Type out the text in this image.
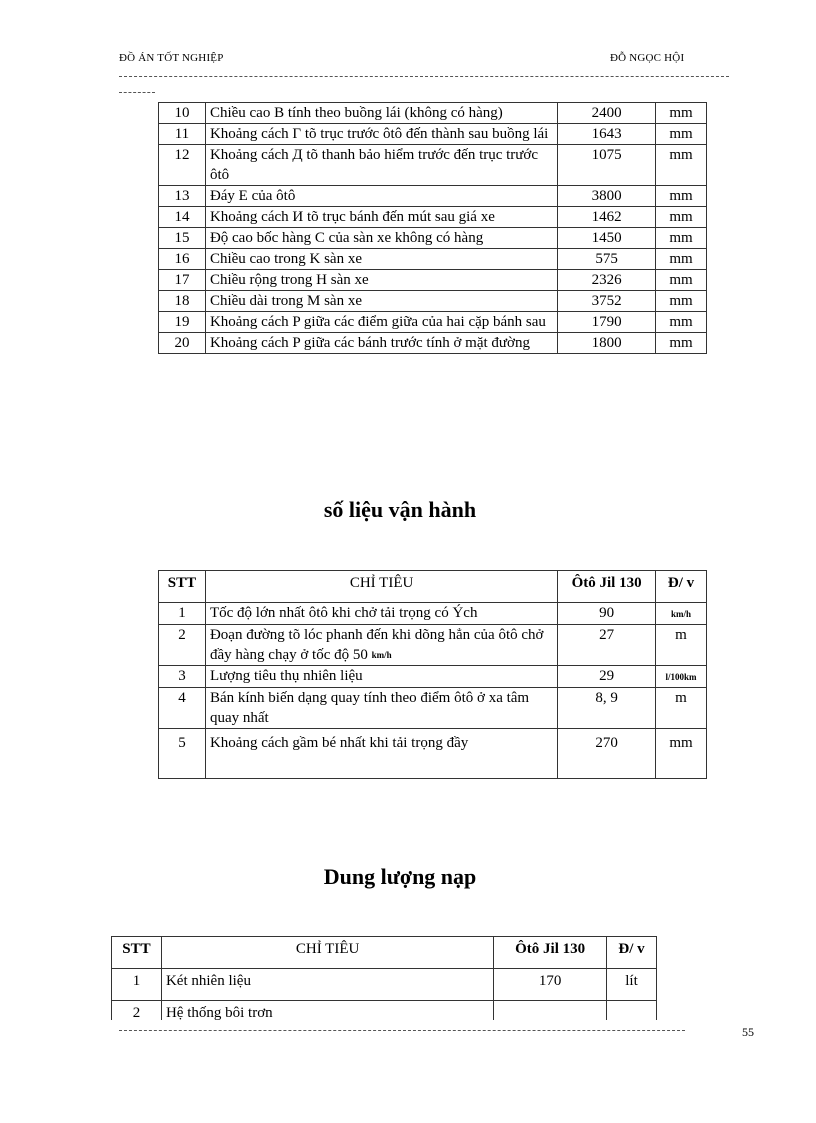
ĐỒ ÁN TỐT NGHIỆP	ĐỖ NGỌC HỘI
10	Chiều cao B tính theo buồng lái (không có hàng)	2400	mm
11	Khoảng cách Г tõ trục trước ôtô đến thành sau buồng lái	1643	mm
12	Khoảng cách Д tõ thanh bảo hiểm trước đến trục trước ôtô	1075	mm
13	Đáy E của ôtô	3800	mm
14	Khoảng cách И tõ trục bánh đến mút sau giá xe	1462	mm
15	Độ cao bốc hàng C của sàn xe không có hàng	1450	mm
16	Chiều cao trong K sàn xe	575	mm
17	Chiều rộng trong H sàn xe	2326	mm
18	Chiều dài trong M sàn xe	3752	mm
19	Khoảng cách P giữa các điểm giữa của hai cặp bánh sau	1790	mm
20	Khoảng cách P giữa các bánh trước tính ở mặt đường	1800	mm
số liệu vận hành
STT	CHỈ TIÊU	Ôtô Jil 130	Đ/ v
1	Tốc độ lớn nhất ôtô khi chở tải trọng có Ých	90	km/h
2	Đoạn đường tõ lóc phanh đến khi dõng hẳn của ôtô chở đầy hàng chạy ở tốc độ 50 km/h	27	m
3	Lượng tiêu thụ nhiên liệu	29	l/100km
4	Bán kính biến dạng quay tính theo điểm ôtô ở xa tâm quay nhất	8, 9	m
5	Khoảng cách gầm bé nhất khi tải trọng đầy	270	mm
Dung lượng nạp
STT	CHỈ TIÊU	Ôtô Jil 130	Đ/ v
1	Két nhiên liệu	170	lít
2	Hệ thống bôi trơn		
55
